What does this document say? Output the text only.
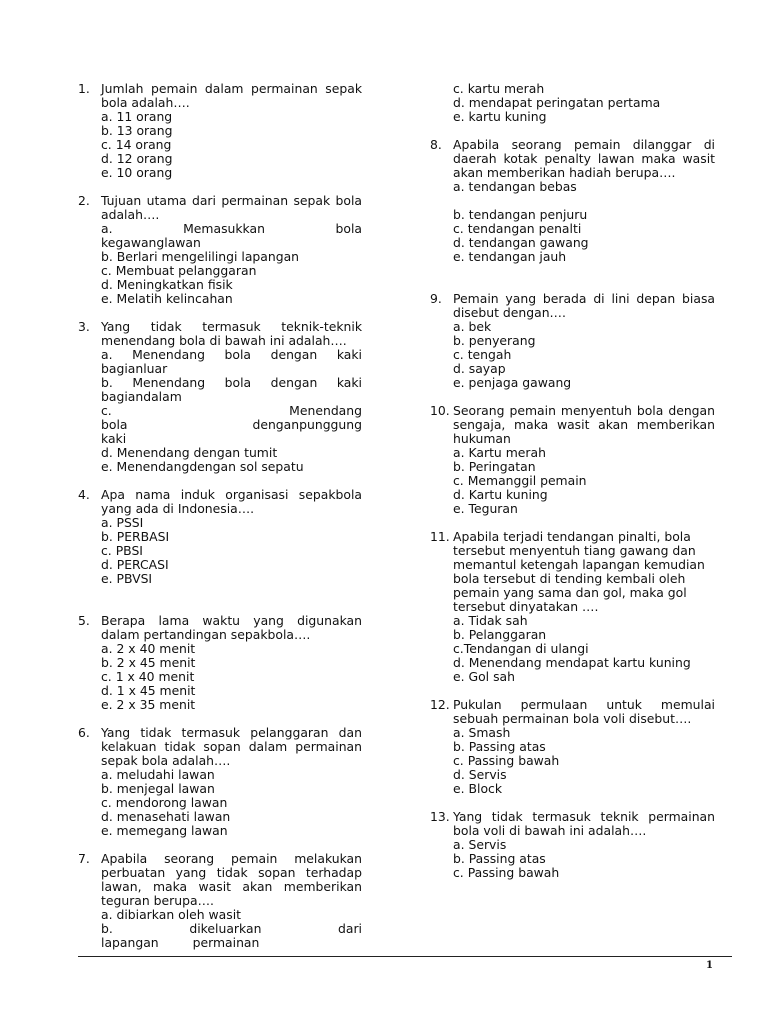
1. Jumlah pemain dalam permainan sepak bola adalah….

a. 11 orang
b. 13 orang
c. 14 orang
d. 12 orang
e. 10 orang
2. Tujuan utama dari permainan sepak bola adalah….

a. Memasukkan bola kegawanglawan
b. Berlari mengelilingi lapangan
c. Membuat pelanggaran
d. Meningkatkan fisik
e. Melatih kelincahan
3. Yang tidak termasuk teknik-teknik menendang bola di bawah ini adalah….

a. Menendang bola dengan kaki bagianluar
b. Menendang bola dengan kaki bagiandalam
c. Menendang bola denganpunggung kaki
d. Menendang dengan tumit
e. Menendangdengan sol sepatu
4. Apa nama induk organisasi sepakbola yang ada di Indonesia….

a. PSSI
b. PERBASI
c. PBSI
d. PERCASI
e. PBVSI
5. Berapa lama waktu yang digunakan dalam pertandingan sepakbola….

a. 2 x 40 menit
b. 2 x 45 menit
c. 1 x 40 menit
d. 1 x 45 menit
e. 2 x 35 menit
6. Yang tidak termasuk pelanggaran dan kelakuan tidak sopan dalam permainan sepak bola adalah….

a. meludahi lawan
b. menjegal lawan
c. mendorong lawan
d. menasehati lawan
e. memegang lawan
7. Apabila seorang pemain melakukan perbuatan yang tidak sopan terhadap lawan, maka wasit akan memberikan teguran berupa….

a. dibiarkan oleh wasit
b. dikeluarkan dari lapangan permainan
c. kartu merah
d. mendapat peringatan pertama
e. kartu kuning
8. Apabila seorang pemain dilanggar di daerah kotak penalty lawan maka wasit akan memberikan hadiah berupa….

a. tendangan bebas
b. tendangan penjuru
c. tendangan penalti
d. tendangan gawang
e. tendangan jauh
9. Pemain yang berada di lini depan biasa disebut dengan….

a. bek
b. penyerang
c. tengah
d. sayap
e. penjaga gawang
10. Seorang pemain menyentuh bola dengan sengaja, maka wasit akan memberikan hukuman

a. Kartu merah
b. Peringatan
c. Memanggil pemain
d. Kartu kuning
e. Teguran
11. Apabila terjadi tendangan pinalti, bola tersebut menyentuh tiang gawang dan memantul ketengah lapangan kemudian bola tersebut di tending kembali oleh pemain yang sama dan gol, maka gol tersebut dinyatakan ….

a. Tidak sah
b. Pelanggaran
c.Tendangan di ulangi
d. Menendang mendapat kartu kuning
e. Gol sah
12. Pukulan permulaan untuk memulai sebuah permainan bola voli disebut….

a. Smash
b. Passing atas
c. Passing bawah
d. Servis
e. Block
13. Yang tidak termasuk teknik permainan bola voli di bawah ini adalah….

a. Servis
b. Passing atas
c. Passing bawah
1
